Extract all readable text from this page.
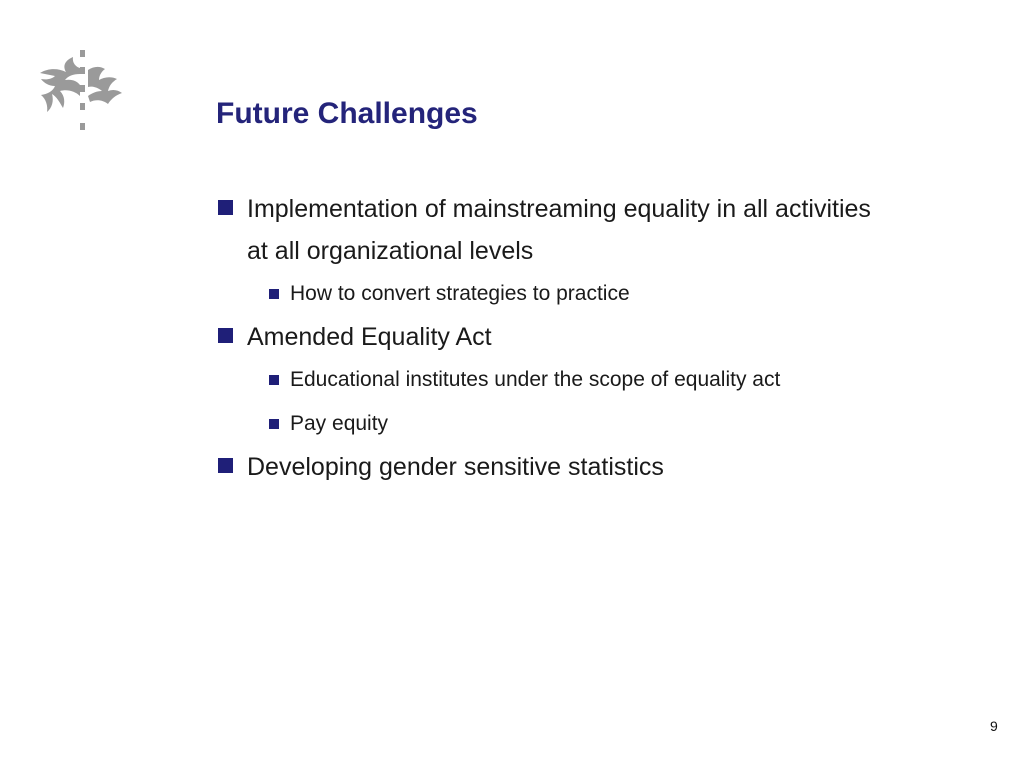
Future Challenges
Implementation of mainstreaming equality in all activities
at all organizational levels
How to convert strategies to practice
Amended Equality Act
Educational institutes under the scope of equality act
Pay equity
Developing gender sensitive statistics
9
